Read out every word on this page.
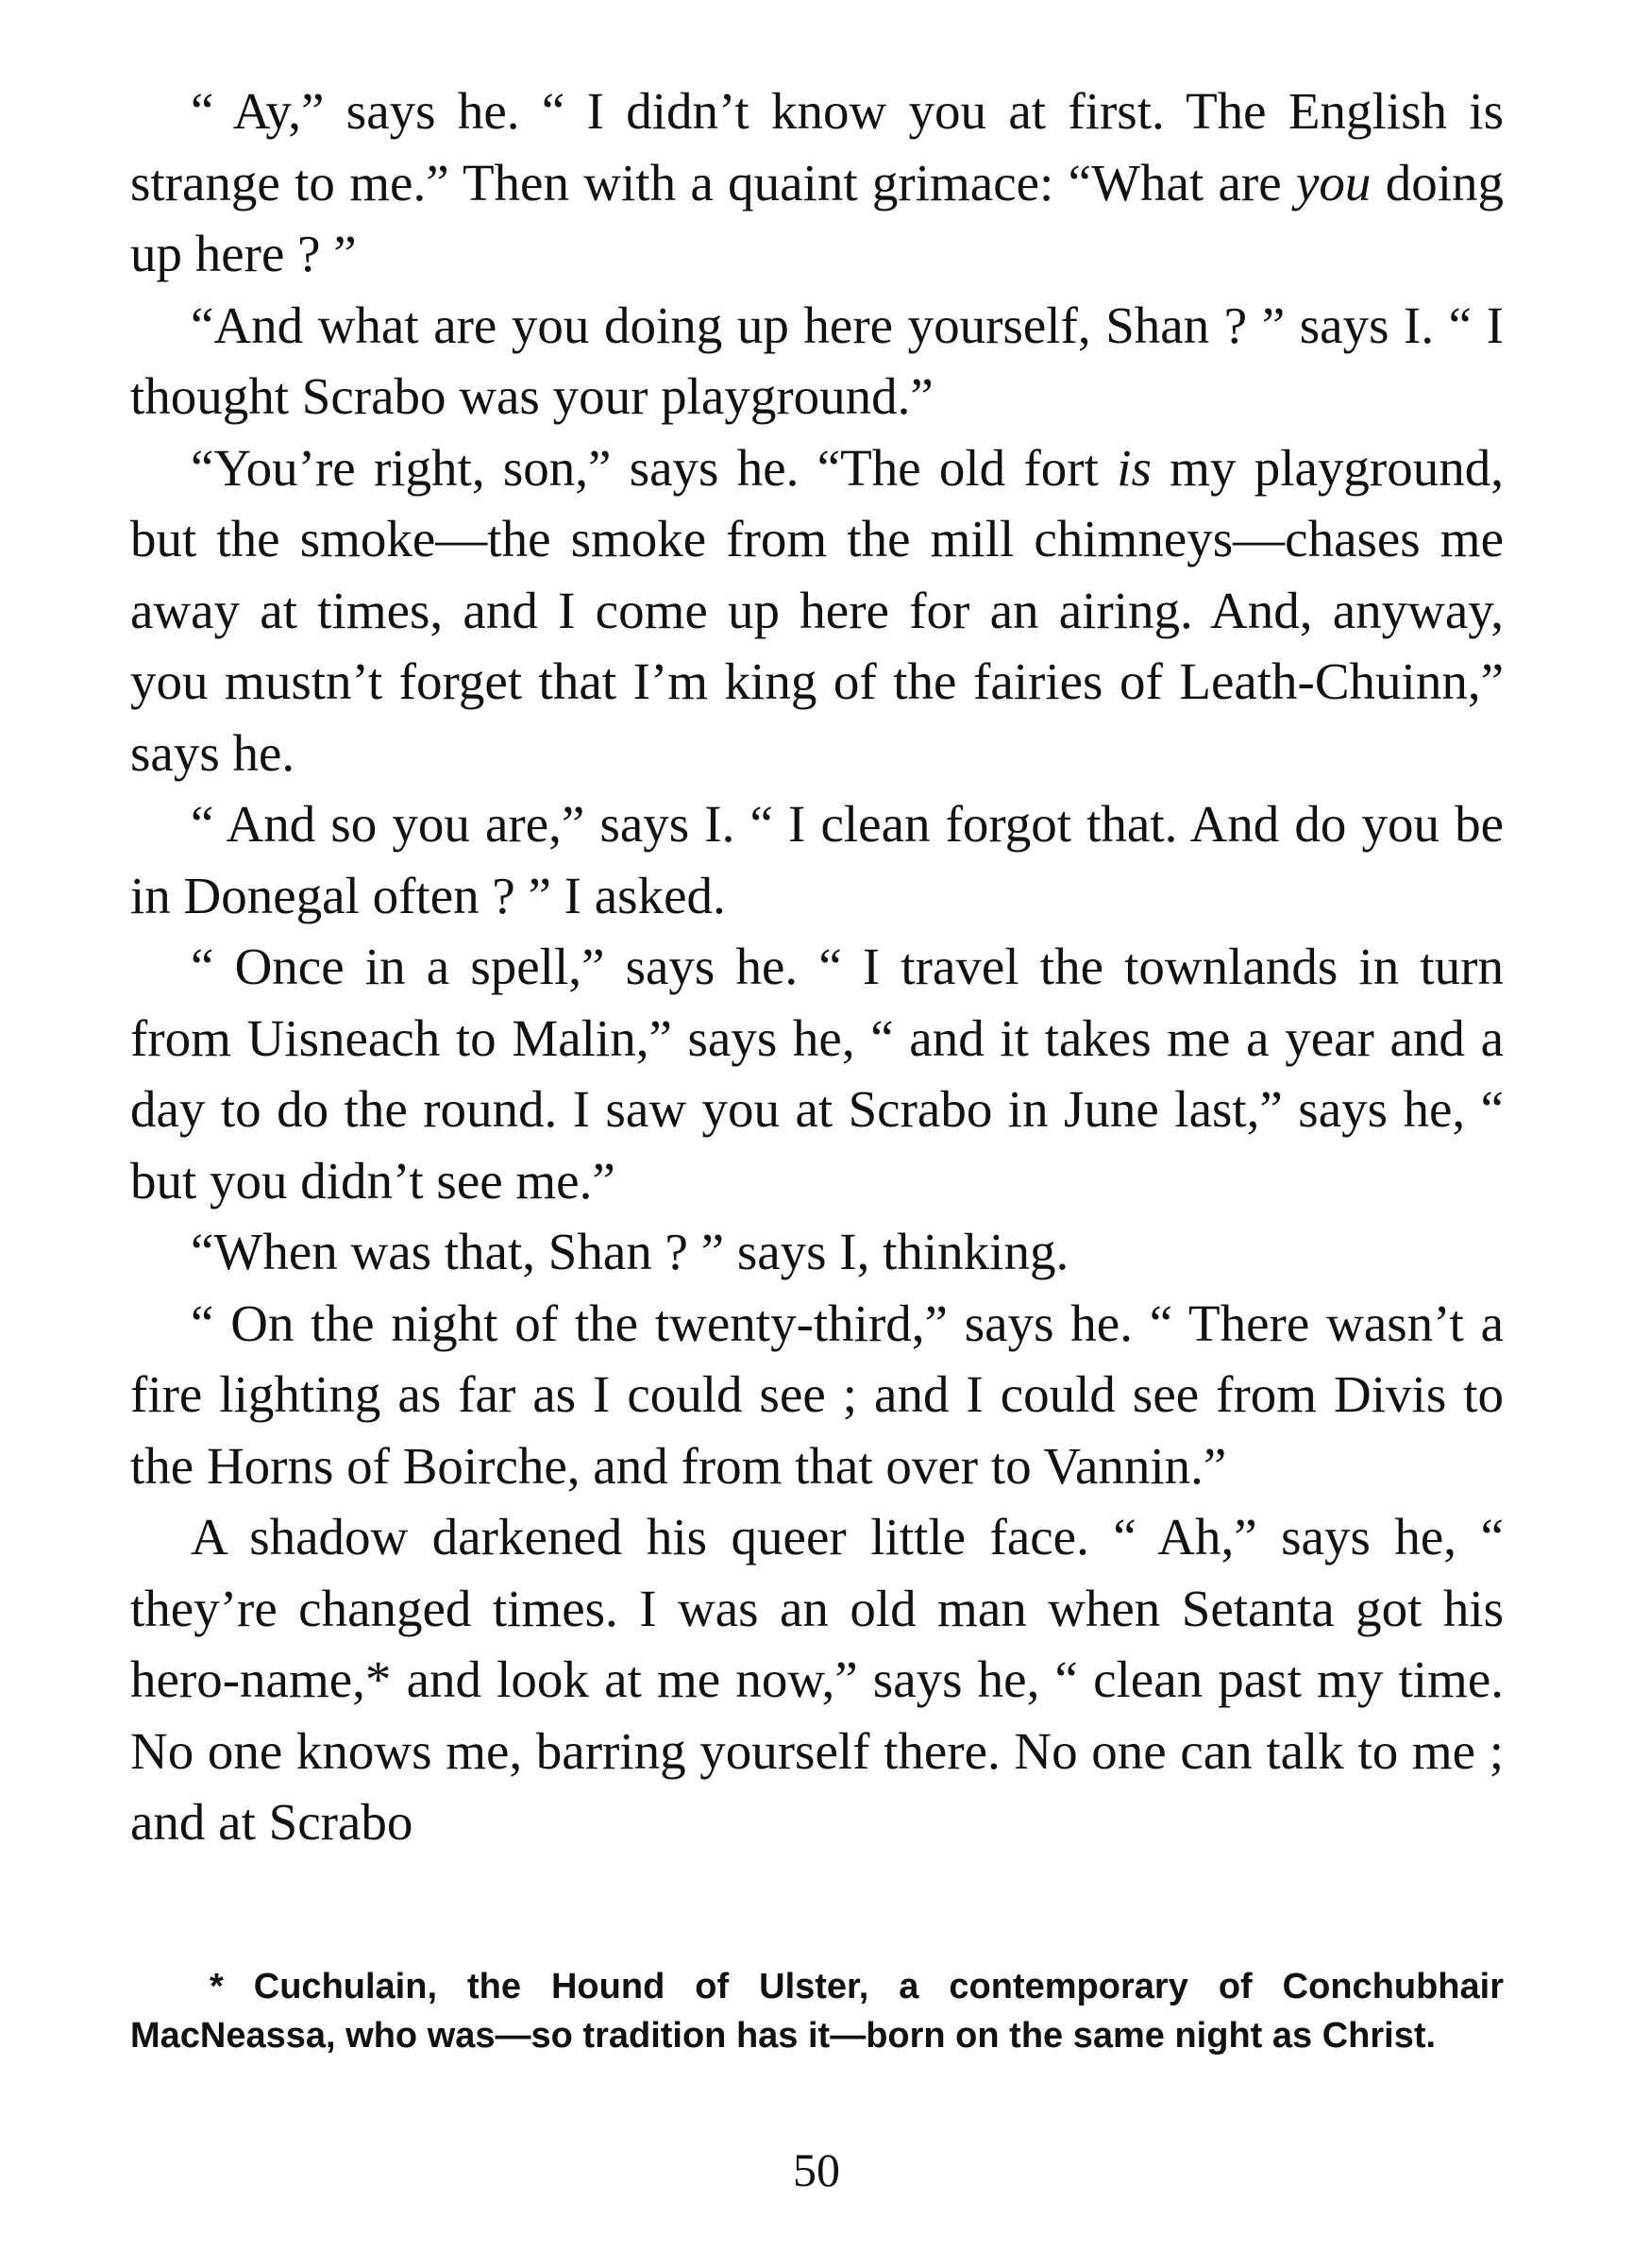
“ Ay,” says he. “ I didn’t know you at first. The English is strange to me.” Then with a quaint grimace: “What are you doing up here ? ”

“And what are you doing up here yourself, Shan ? ” says I. “ I thought Scrabo was your playground.”

“You’re right, son,” says he. “The old fort is my playground, but the smoke—the smoke from the mill chimneys—chases me away at times, and I come up here for an airing. And, anyway, you mustn’t forget that I’m king of the fairies of Leath-Chuinn,” says he.

“ And so you are,” says I. “ I clean forgot that. And do you be in Donegal often ? ” I asked.

“ Once in a spell,” says he. “ I travel the townlands in turn from Uisneach to Malin,” says he, “ and it takes me a year and a day to do the round. I saw you at Scrabo in June last,” says he, “ but you didn’t see me.”

“When was that, Shan ? ” says I, thinking.

“ On the night of the twenty-third,” says he. “ There wasn’t a fire lighting as far as I could see ; and I could see from Divis to the Horns of Boirche, and from that over to Vannin.”

A shadow darkened his queer little face. “ Ah,” says he, “ they’re changed times. I was an old man when Setanta got his hero-name,* and look at me now,” says he, “ clean past my time. No one knows me, barring yourself there. No one can talk to me ; and at Scrabo

* Cuchulain, the Hound of Ulster, a contemporary of Conchubhair MacNeassa, who was—so tradition has it—born on the same night as Christ.

50
